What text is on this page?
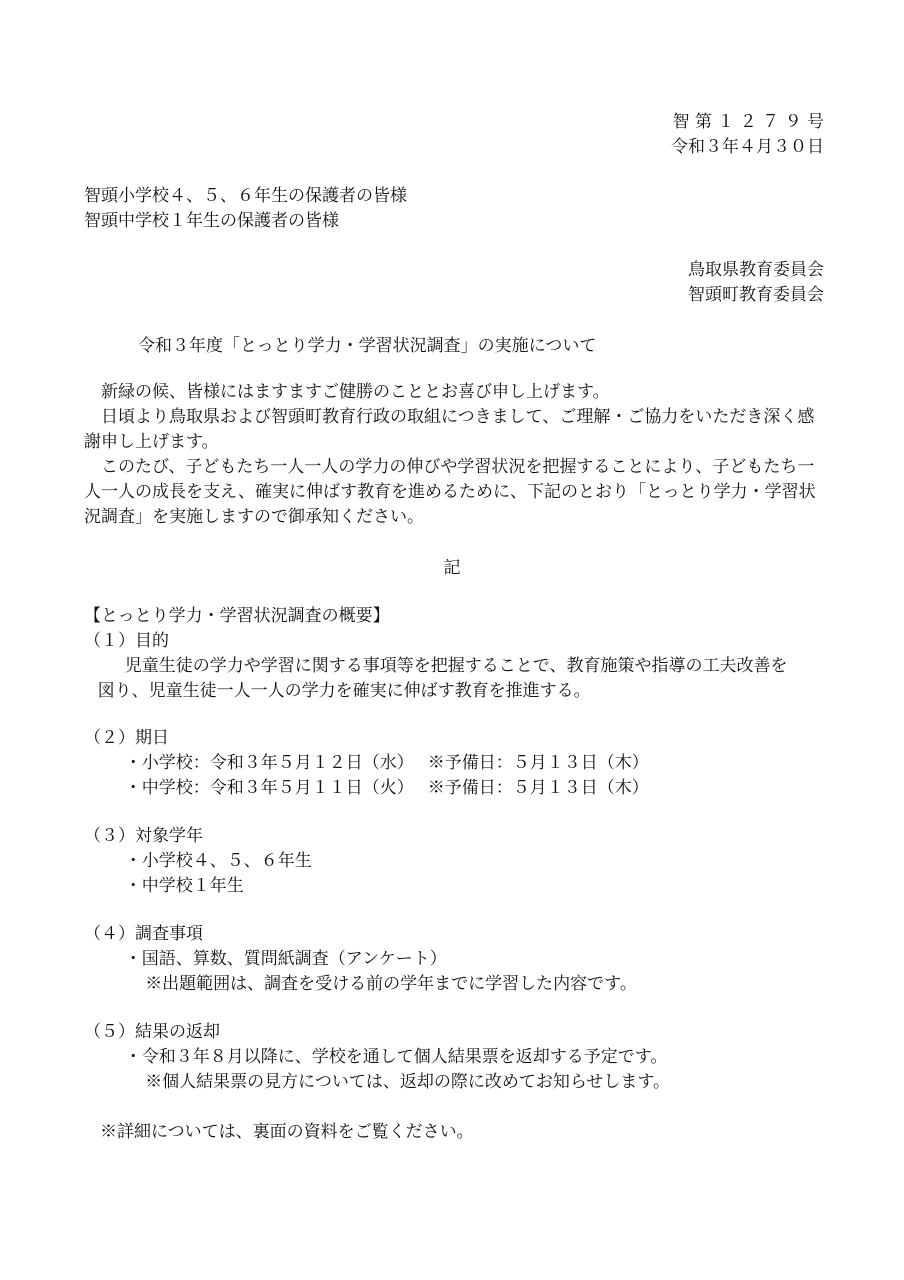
智 第 １ ２ ７ ９ 号

令和３年４月３０日

智頭小学校４、５、６年生の保護者の皆様

智頭中学校１年生の保護者の皆様

鳥取県教育委員会

智頭町教育委員会

令和３年度「とっとり学力・学習状況調査」の実施について

新緑の候、皆様にはますますご健勝のこととお喜び申し上げます。

日頃より鳥取県および智頭町教育行政の取組につきまして、ご理解・ご協力をいただき深く感謝申し上げます。

このたび、子どもたち一人一人の学力の伸びや学習状況を把握することにより、子どもたち一人一人の成長を支え、確実に伸ばす教育を進めるために、下記のとおり「とっとり学力・学習状況調査」を実施しますので御承知ください。

記

【とっとり学力・学習状況調査の概要】

（１）目的

児童生徒の学力や学習に関する事項等を把握することで、教育施策や指導の工夫改善を

図り、児童生徒一人一人の学力を確実に伸ばす教育を推進する。

（２）期日

・小学校：令和３年５月１２日（水）　 ※予備日：５月１３日（木）

・中学校：令和３年５月１１日（火）　 ※予備日：５月１３日（木）

（３）対象学年

・小学校４、５、６年生

・中学校１年生

（４）調査事項

・国語、算数、質問紙調査（アンケート）

※出題範囲は、調査を受ける前の学年までに学習した内容です。

（５）結果の返却

・令和３年８月以降に、学校を通して個人結果票を返却する予定です。

※個人結果票の見方については、返却の際に改めてお知らせします。

※詳細については、裏面の資料をご覧ください。
